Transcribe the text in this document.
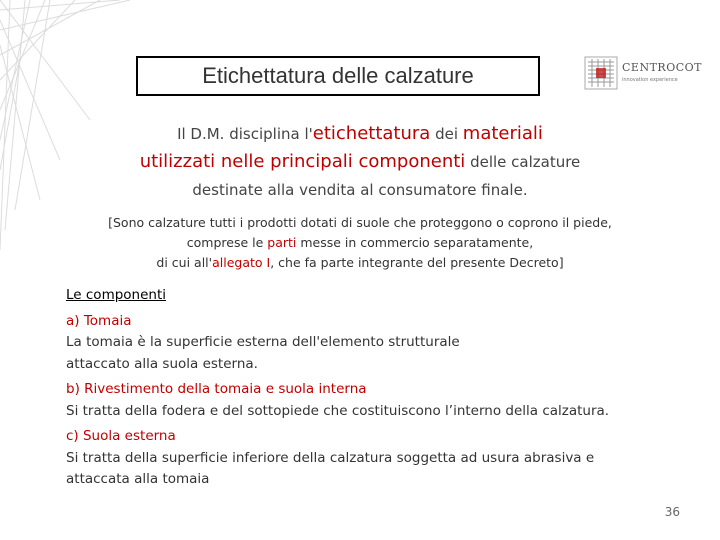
Etichettatura delle calzature	CENTROCOT
innovation experience
Il D.M. disciplina l'etichettatura dei materiali
utilizzati nelle principali componenti delle calzature
destinate alla vendita al consumatore finale.
[Sono calzature tutti i prodotti dotati di suole che proteggono o coprono il piede,
comprese le parti messe in commercio separatamente,
di cui all'allegato I, che fa parte integrante del presente Decreto]
Le componenti
a) Tomaia
La tomaia è la superficie esterna dell'elemento strutturale
attaccato alla suola esterna.
b) Rivestimento della tomaia e suola interna
Si tratta della fodera e del sottopiede che costituiscono l’interno della calzatura.
c) Suola esterna
Si tratta della superficie inferiore della calzatura soggetta ad usura abrasiva e
attaccata alla tomaia
36
